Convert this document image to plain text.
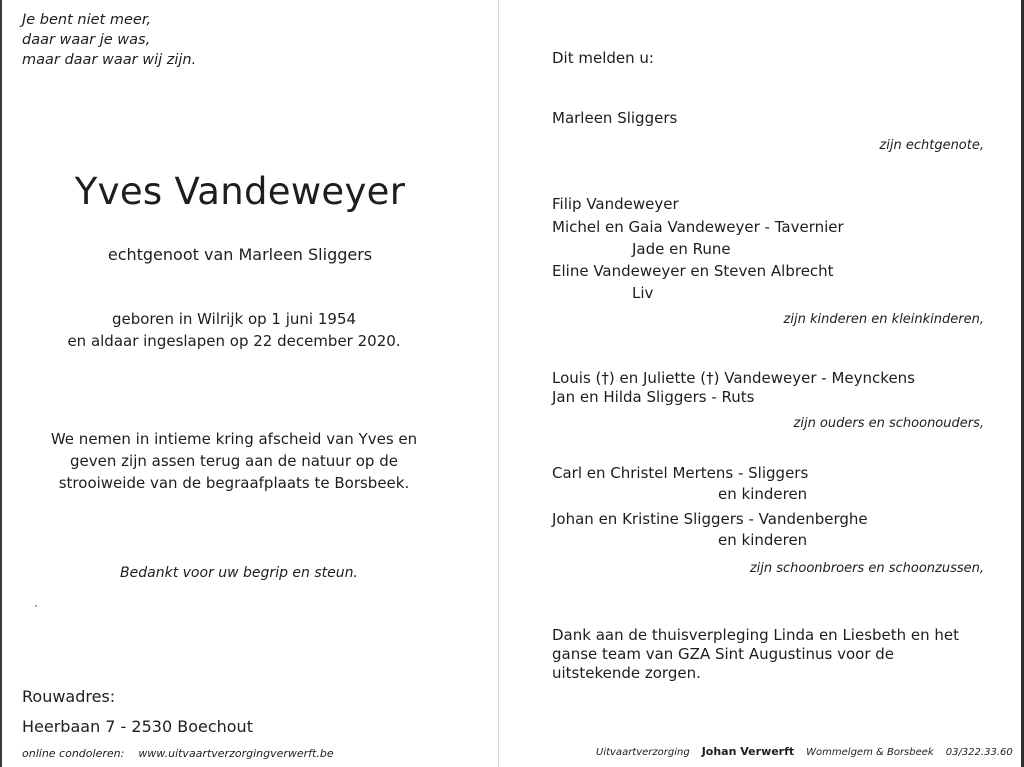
Je bent niet meer,
daar waar je was,
maar daar waar wij zijn.
Yves Vandeweyer
echtgenoot van Marleen Sliggers
geboren in Wilrijk op 1 juni 1954
en aldaar ingeslapen op 22 december 2020.
We nemen in intieme kring afscheid van Yves en
geven zijn assen terug aan de natuur op de
strooiweide van de begraafplaats te Borsbeek.
Bedankt voor uw begrip en steun.
Rouwadres:
Heerbaan 7 - 2530 Boechout
online condoleren: www.uitvaartverzorgingverwerft.be
Dit melden u:
Marleen Sliggers
zijn echtgenote,
Filip Vandeweyer
Michel en Gaia Vandeweyer - Tavernier
Jade en Rune
Eline Vandeweyer en Steven Albrecht
Liv
zijn kinderen en kleinkinderen,
Louis (†) en Juliette (†) Vandeweyer - Meynckens
Jan en Hilda Sliggers - Ruts
zijn ouders en schoonouders,
Carl en Christel Mertens - Sliggers
en kinderen
Johan en Kristine Sliggers - Vandenberghe
en kinderen
zijn schoonbroers en schoonzussen,
Dank aan de thuisverpleging Linda en Liesbeth en het
ganse team van GZA Sint Augustinus voor de
uitstekende zorgen.
Uitvaartverzorging Johan Verwerft Wommelgem & Borsbeek 03/322.33.60
